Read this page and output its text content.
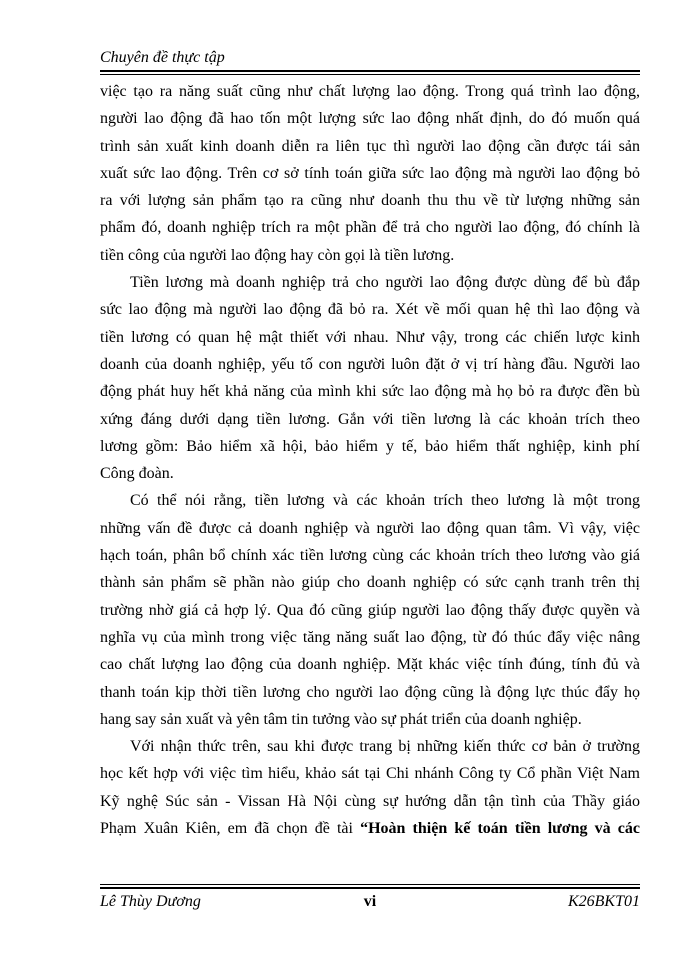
Chuyên đề thực tập
việc tạo ra năng suất cũng như chất lượng lao động. Trong quá trình lao động,
người lao động đã hao tốn một lượng sức lao động nhất định, do đó muốn quá
trình sản xuất kinh doanh diễn ra liên tục thì người lao động cần được tái sản
xuất sức lao động. Trên cơ sở tính toán giữa sức lao động mà người lao động bỏ
ra với lượng sản phẩm tạo ra cũng như doanh thu thu về từ lượng những sản
phẩm đó, doanh nghiệp trích ra một phần để trả cho người lao động, đó chính là
tiền công của người lao động hay còn gọi là tiền lương.
Tiền lương mà doanh nghiệp trả cho người lao động được dùng để bù đắp
sức lao động mà người lao động đã bỏ ra. Xét về mối quan hệ thì lao động và
tiền lương có quan hệ mật thiết với nhau. Như vậy, trong các chiến lược kinh
doanh của doanh nghiệp, yếu tố con người luôn đặt ở vị trí hàng đầu. Người lao
động phát huy hết khả năng của mình khi sức lao động mà họ bỏ ra được đền bù
xứng đáng dưới dạng tiền lương. Gắn với tiền lương là các khoản trích theo
lương gồm: Bảo hiểm xã hội, bảo hiểm y tế, bảo hiểm thất nghiệp, kinh phí
Công đoàn.
Có thể nói rằng, tiền lương và các khoản trích theo lương là một trong
những vấn đề được cả doanh nghiệp và người lao động quan tâm. Vì vậy, việc
hạch toán, phân bổ chính xác tiền lương cùng các khoản trích theo lương vào giá
thành sản phẩm sẽ phần nào giúp cho doanh nghiệp có sức cạnh tranh trên thị
trường nhờ giá cả hợp lý. Qua đó cũng giúp người lao động thấy được quyền và
nghĩa vụ của mình trong việc tăng năng suất lao động, từ đó thúc đẩy việc nâng
cao chất lượng lao động của doanh nghiệp. Mặt khác việc tính đúng, tính đủ và
thanh toán kịp thời tiền lương cho người lao động cũng là động lực thúc đẩy họ
hang say sản xuất và yên tâm tin tưởng vào sự phát triển của doanh nghiệp.
Với nhận thức trên, sau khi được trang bị những kiến thức cơ bản ở trường
học kết hợp với việc tìm hiểu, khảo sát tại Chi nhánh Công ty Cổ phần Việt Nam
Kỹ nghệ Súc sản - Vissan Hà Nội cùng sự hướng dẫn tận tình của Thầy giáo
Phạm Xuân Kiên, em đã chọn đề tài “Hoàn thiện kế toán tiền lương và các
Lê Thùy Dương	vi	K26BKT01
